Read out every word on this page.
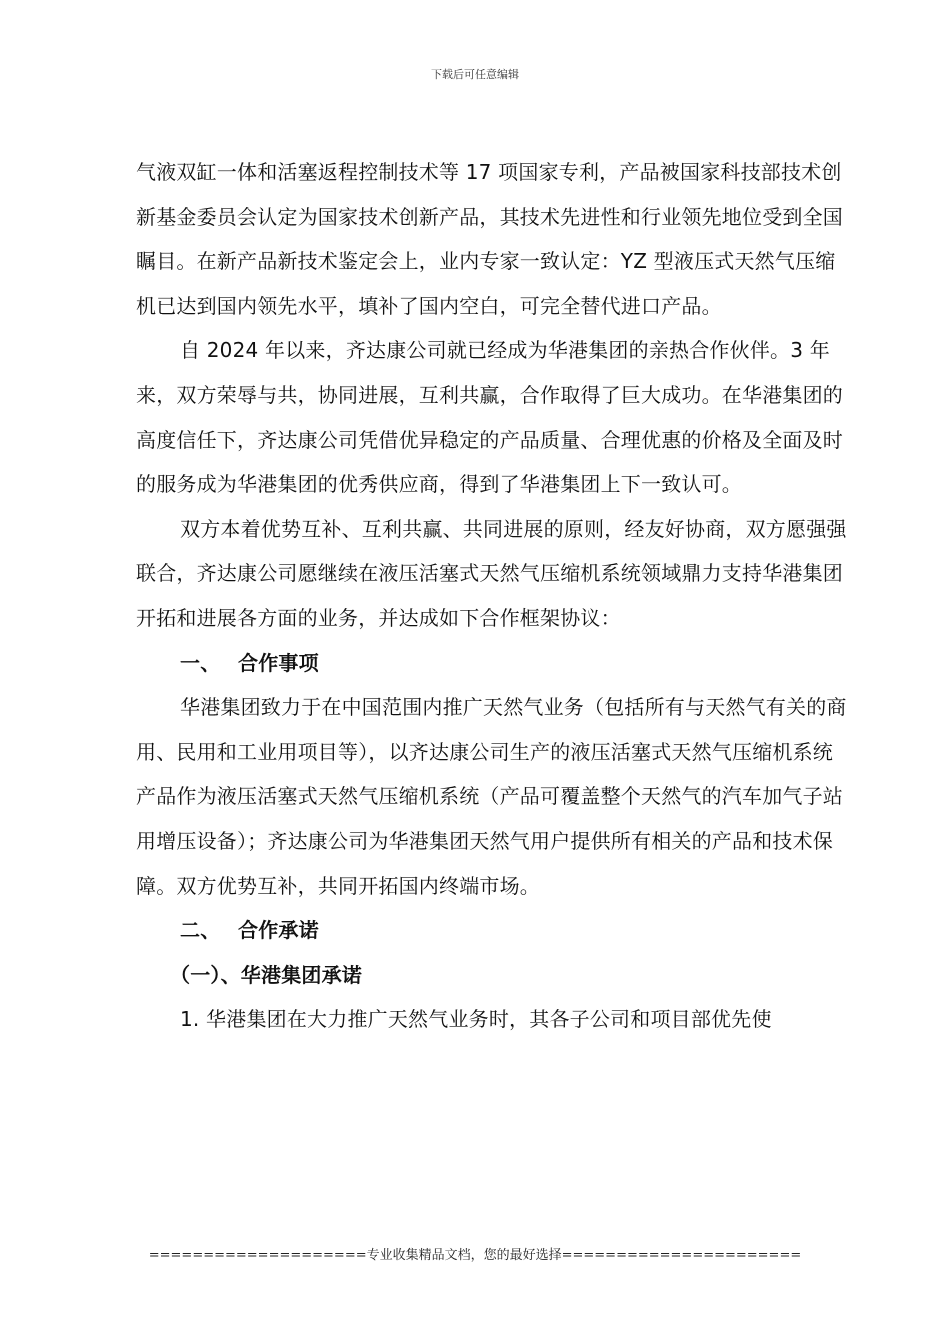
下载后可任意编辑

气液双缸一体和活塞返程控制技术等 17 项国家专利，产品被国家科技部技术创新基金委员会认定为国家技术创新产品，其技术先进性和行业领先地位受到全国瞩目。在新产品新技术鉴定会上，业内专家一致认定：YZ 型液压式天然气压缩机已达到国内领先水平，填补了国内空白，可完全替代进口产品。

自 2024 年以来，齐达康公司就已经成为华港集团的亲热合作伙伴。3 年来，双方荣辱与共，协同进展，互利共赢，合作取得了巨大成功。在华港集团的高度信任下，齐达康公司凭借优异稳定的产品质量、合理优惠的价格及全面及时的服务成为华港集团的优秀供应商，得到了华港集团上下一致认可。

双方本着优势互补、互利共赢、共同进展的原则，经友好协商，双方愿强强联合，齐达康公司愿继续在液压活塞式天然气压缩机系统领域鼎力支持华港集团开拓和进展各方面的业务，并达成如下合作框架协议：

一、 合作事项

华港集团致力于在中国范围内推广天然气业务（包括所有与天然气有关的商用、民用和工业用项目等），以齐达康公司生产的液压活塞式天然气压缩机系统产品作为液压活塞式天然气压缩机系统（产品可覆盖整个天然气的汽车加气子站用增压设备）；齐达康公司为华港集团天然气用户提供所有相关的产品和技术保障。双方优势互补，共同开拓国内终端市场。

二、 合作承诺

（一）、华港集团承诺

1. 华港集团在大力推广天然气业务时，其各子公司和项目部优先使

====================专业收集精品文档，您的最好选择======================
